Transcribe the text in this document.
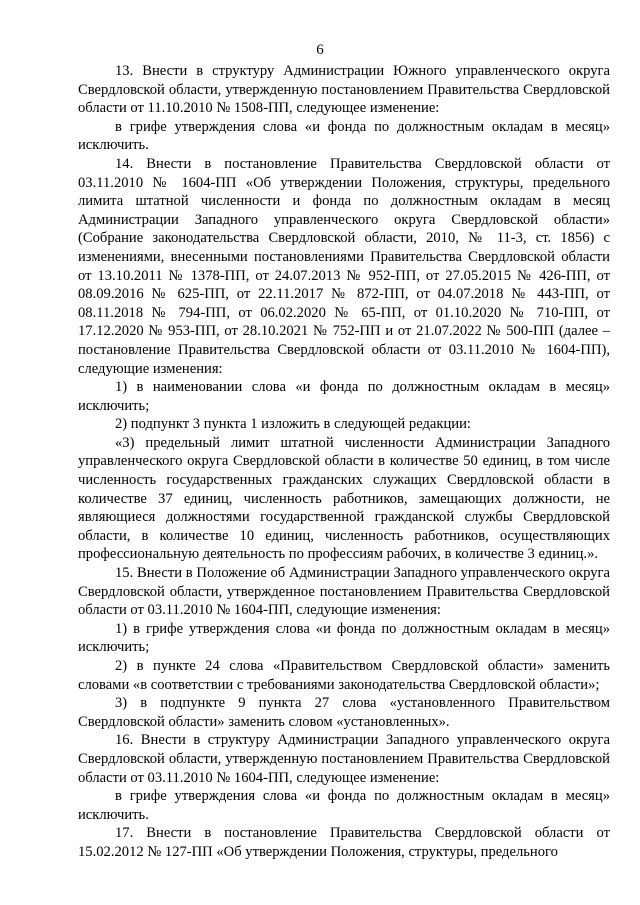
6

13. Внести в структуру Администрации Южного управленческого округа Свердловской области, утвержденную постановлением Правительства Свердловской области от 11.10.2010 № 1508-ПП, следующее изменение:

в грифе утверждения слова «и фонда по должностным окладам в месяц» исключить.

14. Внести в постановление Правительства Свердловской области от 03.11.2010 № 1604-ПП «Об утверждении Положения, структуры, предельного лимита штатной численности и фонда по должностным окладам в месяц Администрации Западного управленческого округа Свердловской области» (Собрание законодательства Свердловской области, 2010, № 11-3, ст. 1856) с изменениями, внесенными постановлениями Правительства Свердловской области от 13.10.2011 № 1378-ПП, от 24.07.2013 № 952-ПП, от 27.05.2015 № 426-ПП, от 08.09.2016 № 625-ПП, от 22.11.2017 № 872-ПП, от 04.07.2018 № 443-ПП, от 08.11.2018 № 794-ПП, от 06.02.2020 № 65-ПП, от 01.10.2020 № 710-ПП, от 17.12.2020 № 953-ПП, от 28.10.2021 № 752-ПП и от 21.07.2022 № 500-ПП (далее – постановление Правительства Свердловской области от 03.11.2010 № 1604-ПП), следующие изменения:

1) в наименовании слова «и фонда по должностным окладам в месяц» исключить;

2) подпункт 3 пункта 1 изложить в следующей редакции:

«3) предельный лимит штатной численности Администрации Западного управленческого округа Свердловской области в количестве 50 единиц, в том числе численность государственных гражданских служащих Свердловской области в количестве 37 единиц, численность работников, замещающих должности, не являющиеся должностями государственной гражданской службы Свердловской области, в количестве 10 единиц, численность работников, осуществляющих профессиональную деятельность по профессиям рабочих, в количестве 3 единиц.».

15. Внести в Положение об Администрации Западного управленческого округа Свердловской области, утвержденное постановлением Правительства Свердловской области от 03.11.2010 № 1604-ПП, следующие изменения:

1) в грифе утверждения слова «и фонда по должностным окладам в месяц» исключить;

2) в пункте 24 слова «Правительством Свердловской области» заменить словами «в соответствии с требованиями законодательства Свердловской области»;

3) в подпункте 9 пункта 27 слова «установленного Правительством Свердловской области» заменить словом «установленных».

16. Внести в структуру Администрации Западного управленческого округа Свердловской области, утвержденную постановлением Правительства Свердловской области от 03.11.2010 № 1604-ПП, следующее изменение:

в грифе утверждения слова «и фонда по должностным окладам в месяц» исключить.

17. Внести в постановление Правительства Свердловской области от 15.02.2012 № 127-ПП «Об утверждении Положения, структуры, предельного
